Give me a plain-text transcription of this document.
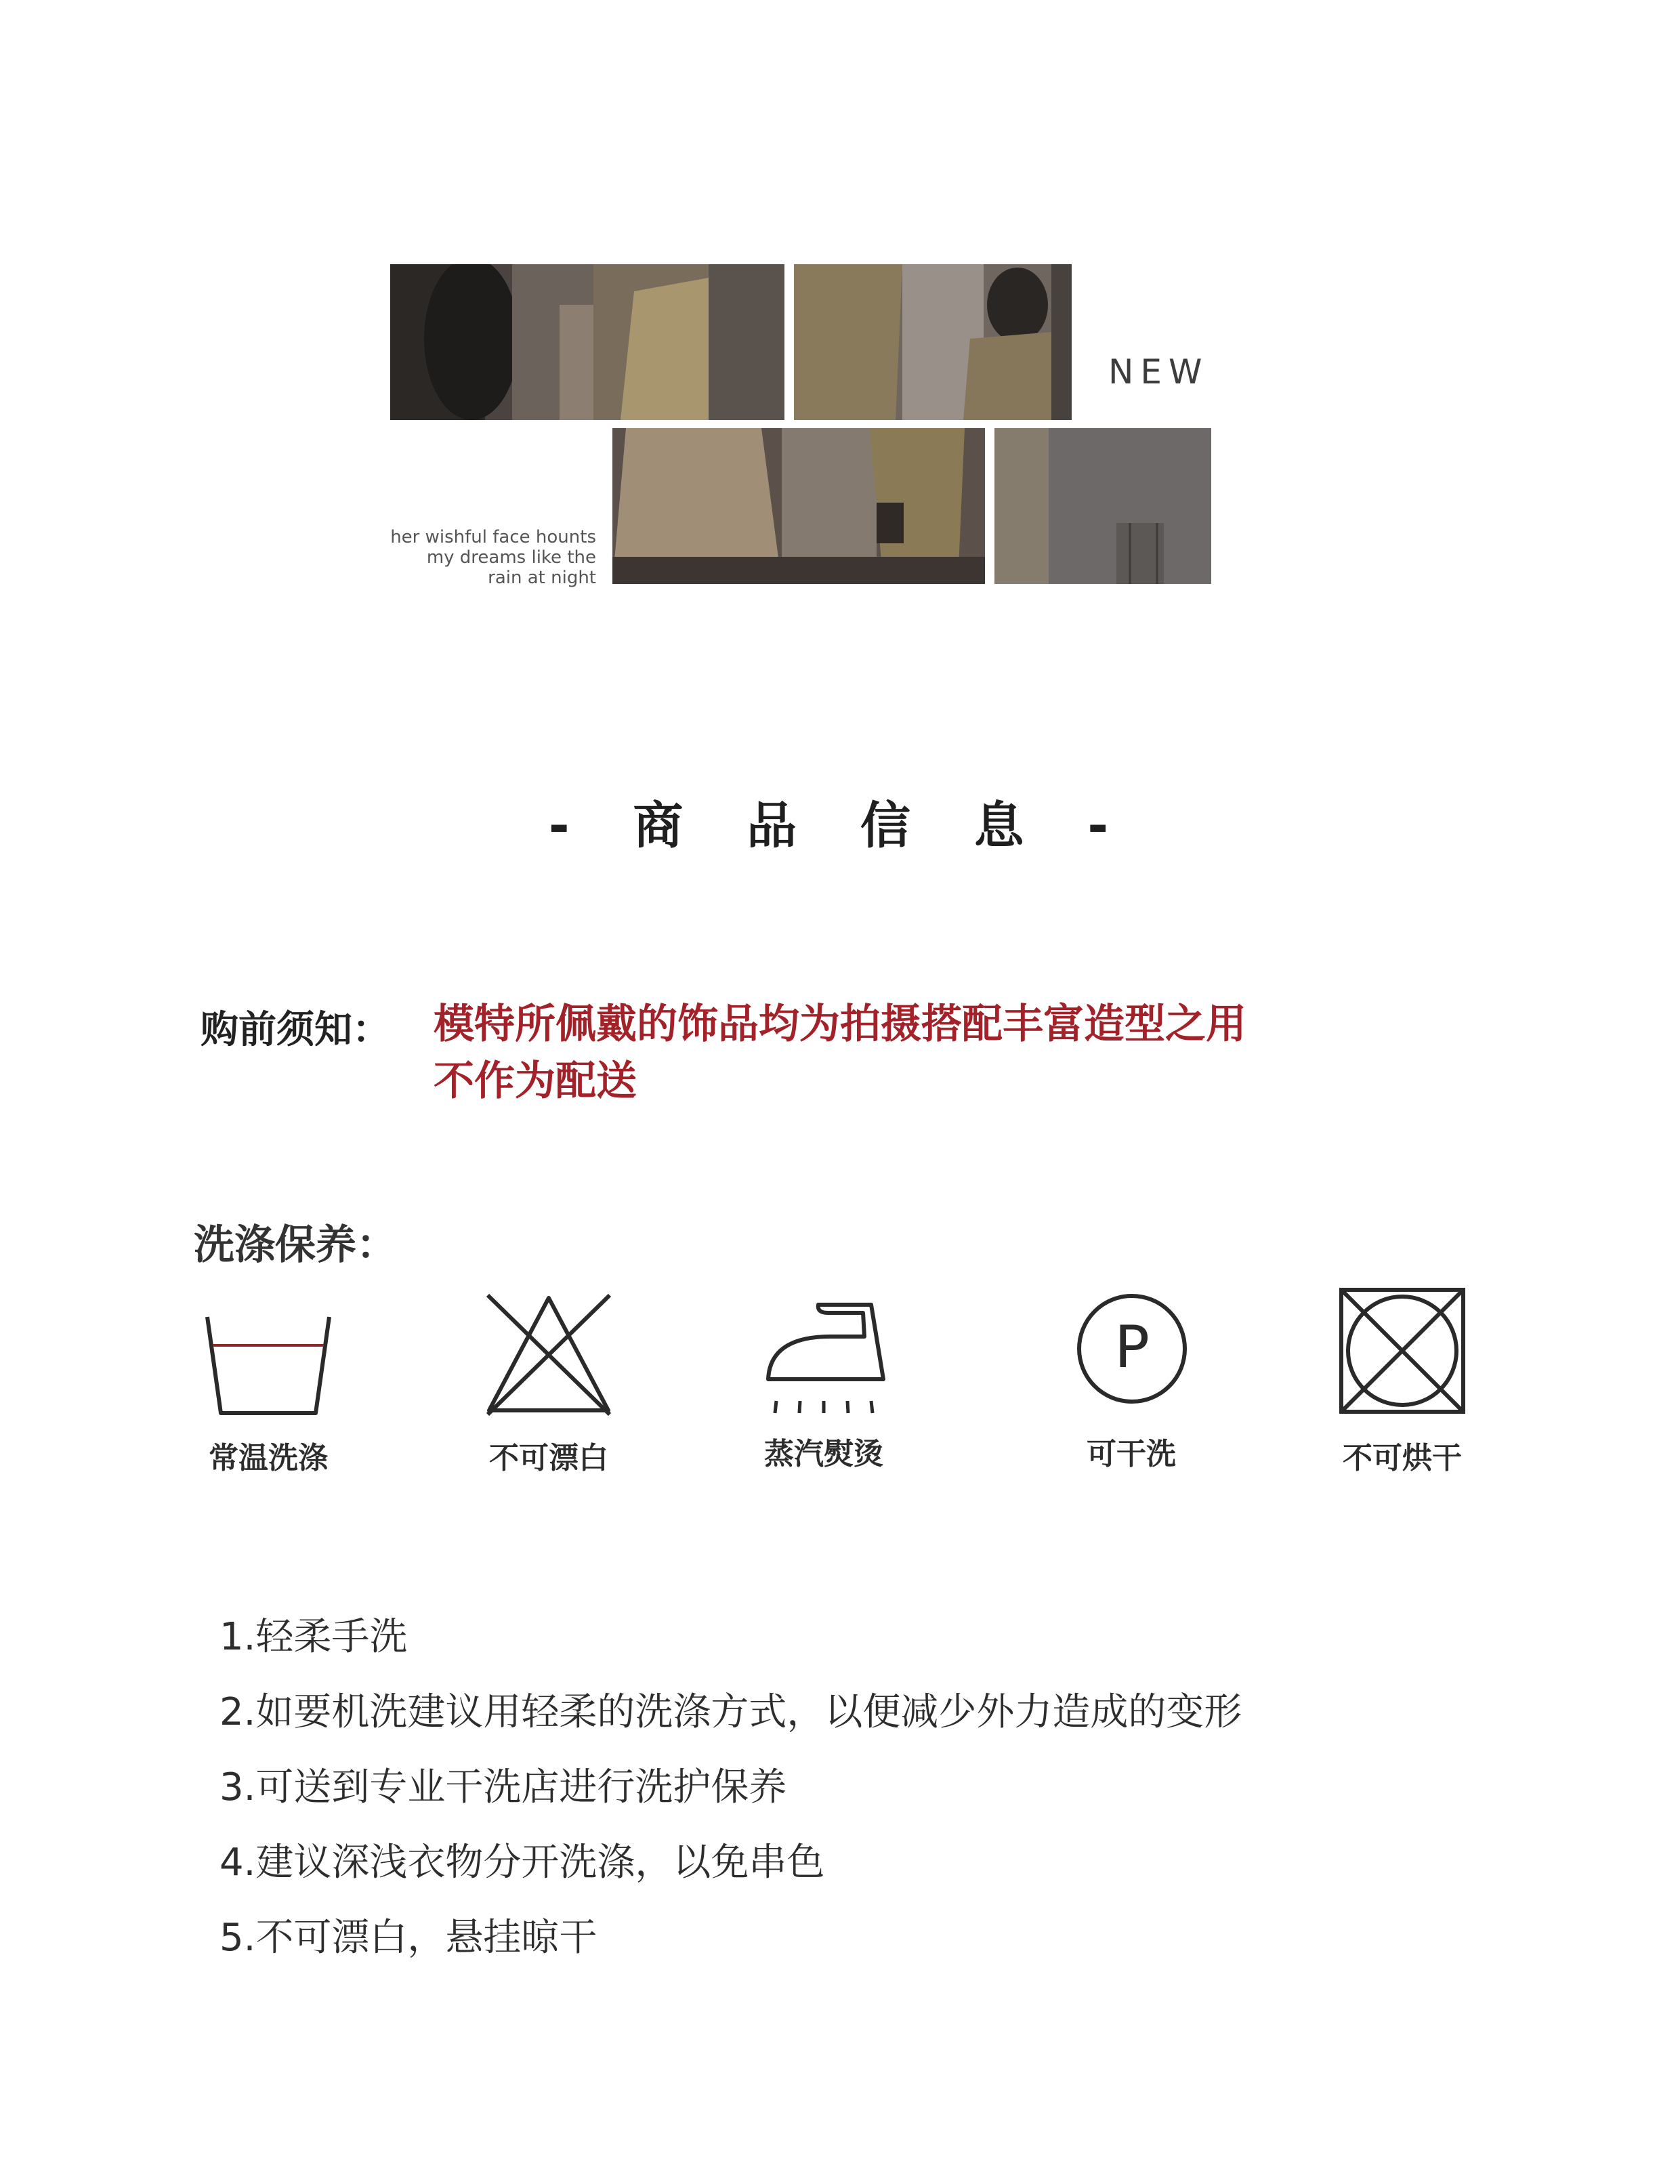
NEW
her wishful face hounts
my dreams like the
rain at night
- 商 品 信 息 -
购前须知： 模特所佩戴的饰品均为拍摄搭配丰富造型之用
不作为配送
洗涤保养：
常温洗涤	不可漂白	蒸汽熨烫
P
可干洗	不可烘干
1.轻柔手洗
2.如要机洗建议用轻柔的洗涤方式，以便减少外力造成的变形
3.可送到专业干洗店进行洗护保养
4.建议深浅衣物分开洗涤，以免串色
5.不可漂白，悬挂晾干
